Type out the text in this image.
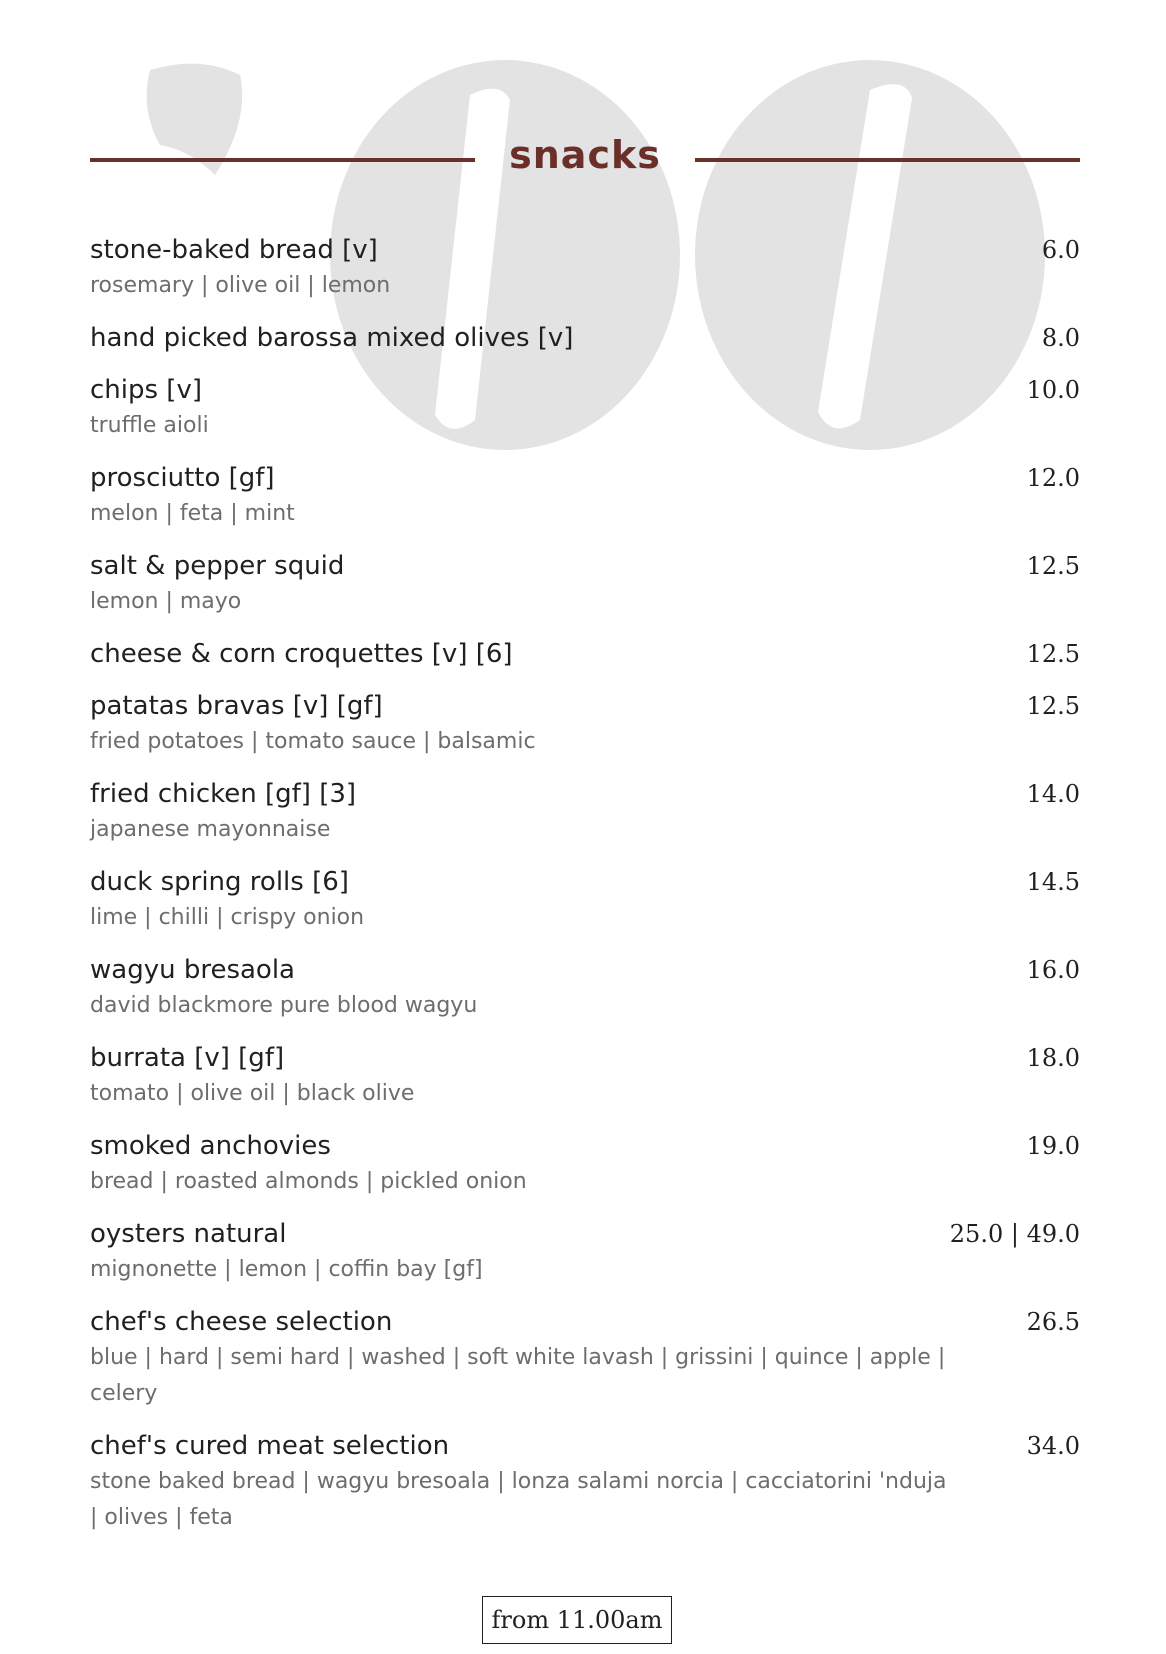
snacks
stone-baked bread [v]	6.0
rosemary | olive oil | lemon
hand picked barossa mixed olives [v]	8.0
chips [v]	10.0
truffle aioli
prosciutto [gf]	12.0
melon | feta | mint
salt & pepper squid	12.5
lemon | mayo
cheese & corn croquettes [v] [6]	12.5
patatas bravas [v] [gf]	12.5
fried potatoes | tomato sauce | balsamic
fried chicken [gf] [3]	14.0
japanese mayonnaise
duck spring rolls [6]	14.5
lime | chilli | crispy onion
wagyu bresaola	16.0
david blackmore pure blood wagyu
burrata [v] [gf]	18.0
tomato | olive oil | black olive
smoked anchovies	19.0
bread | roasted almonds | pickled onion
oysters natural	25.0 | 49.0
mignonette | lemon | coffin bay [gf]
chef's cheese selection	26.5
blue | hard | semi hard | washed | soft white lavash | grissini | quince | apple | celery
chef's cured meat selection	34.0
stone baked bread | wagyu bresoala | lonza salami norcia | cacciatorini 'nduja | olives | feta
from 11.00am
